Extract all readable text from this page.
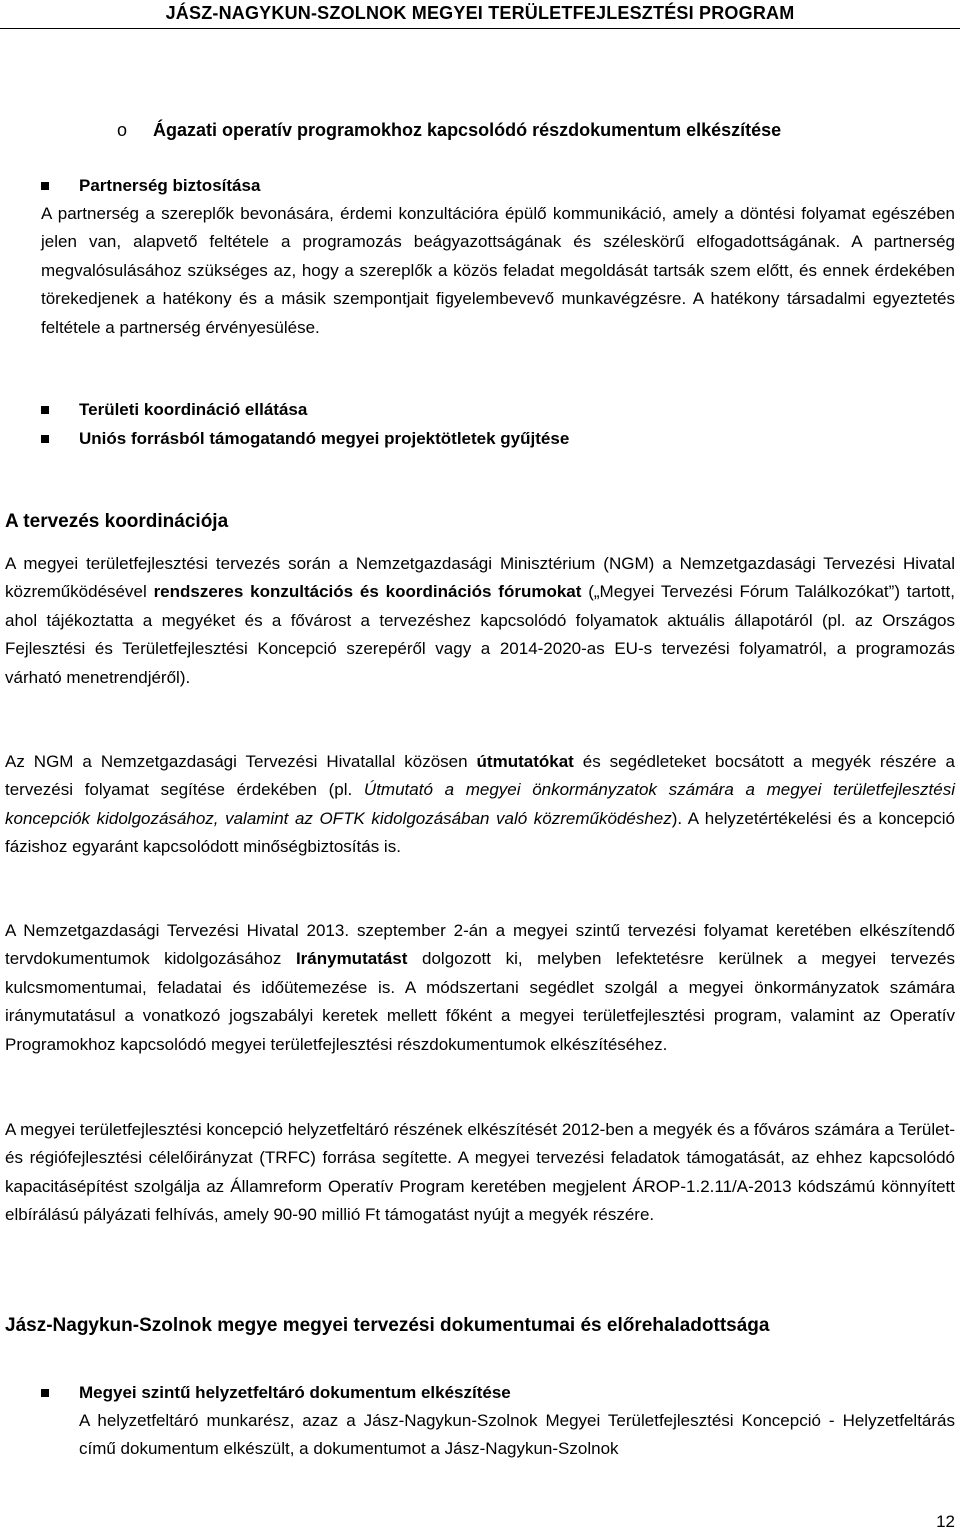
JÁSZ-NAGYKUN-SZOLNOK MEGYEI TERÜLETFEJLESZTÉSI PROGRAM
o Ágazati operatív programokhoz kapcsolódó részdokumentum elkészítése
Partnerség biztosítása
A partnerség a szereplők bevonására, érdemi konzultációra épülő kommunikáció, amely a döntési folyamat egészében jelen van, alapvető feltétele a programozás beágyazottságának és széleskörű elfogadottságának. A partnerség megvalósulásához szükséges az, hogy a szereplők a közös feladat megoldását tartsák szem előtt, és ennek érdekében törekedjenek a hatékony és a másik szempontjait figyelembevevő munkavégzésre. A hatékony társadalmi egyeztetés feltétele a partnerség érvényesülése.
Területi koordináció ellátása
Uniós forrásból támogatandó megyei projektötletek gyűjtése
A tervezés koordinációja

A megyei területfejlesztési tervezés során a Nemzetgazdasági Minisztérium (NGM) a Nemzetgazdasági Tervezési Hivatal közreműködésével rendszeres konzultációs és koordinációs fórumokat („Megyei Tervezési Fórum Találkozókat”) tartott, ahol tájékoztatta a megyéket és a fővárost a tervezéshez kapcsolódó folyamatok aktuális állapotáról (pl. az Országos Fejlesztési és Területfejlesztési Koncepció szerepéről vagy a 2014-2020-as EU-s tervezési folyamatról, a programozás várható menetrendjéről).

Az NGM a Nemzetgazdasági Tervezési Hivatallal közösen útmutatókat és segédleteket bocsátott a megyék részére a tervezési folyamat segítése érdekében (pl. Útmutató a megyei önkormányzatok számára a megyei területfejlesztési koncepciók kidolgozásához, valamint az OFTK kidolgozásában való közreműködéshez). A helyzetértékelési és a koncepció fázishoz egyaránt kapcsolódott minőségbiztosítás is.

A Nemzetgazdasági Tervezési Hivatal 2013. szeptember 2-án a megyei szintű tervezési folyamat keretében elkészítendő tervdokumentumok kidolgozásához Iránymutatást dolgozott ki, melyben lefektetésre kerülnek a megyei tervezés kulcsmomentumai, feladatai és időütemezése is. A módszertani segédlet szolgál a megyei önkormányzatok számára iránymutatásul a vonatkozó jogszabályi keretek mellett főként a megyei területfejlesztési program, valamint az Operatív Programokhoz kapcsolódó megyei területfejlesztési részdokumentumok elkészítéséhez.

A megyei területfejlesztési koncepció helyzetfeltáró részének elkészítését 2012-ben a megyék és a főváros számára a Terület- és régiófejlesztési célelőirányzat (TRFC) forrása segítette. A megyei tervezési feladatok támogatását, az ehhez kapcsolódó kapacitásépítést szolgálja az Államreform Operatív Program keretében megjelent ÁROP-1.2.11/A-2013 kódszámú könnyített elbírálású pályázati felhívás, amely 90-90 millió Ft támogatást nyújt a megyék részére.
Jász-Nagykun-Szolnok megye megyei tervezési dokumentumai és előrehaladottsága
Megyei szintű helyzetfeltáró dokumentum elkészítése
A helyzetfeltáró munkarész, azaz a Jász-Nagykun-Szolnok Megyei Területfejlesztési Koncepció - Helyzetfeltárás című dokumentum elkészült, a dokumentumot a Jász-Nagykun-Szolnok
12
